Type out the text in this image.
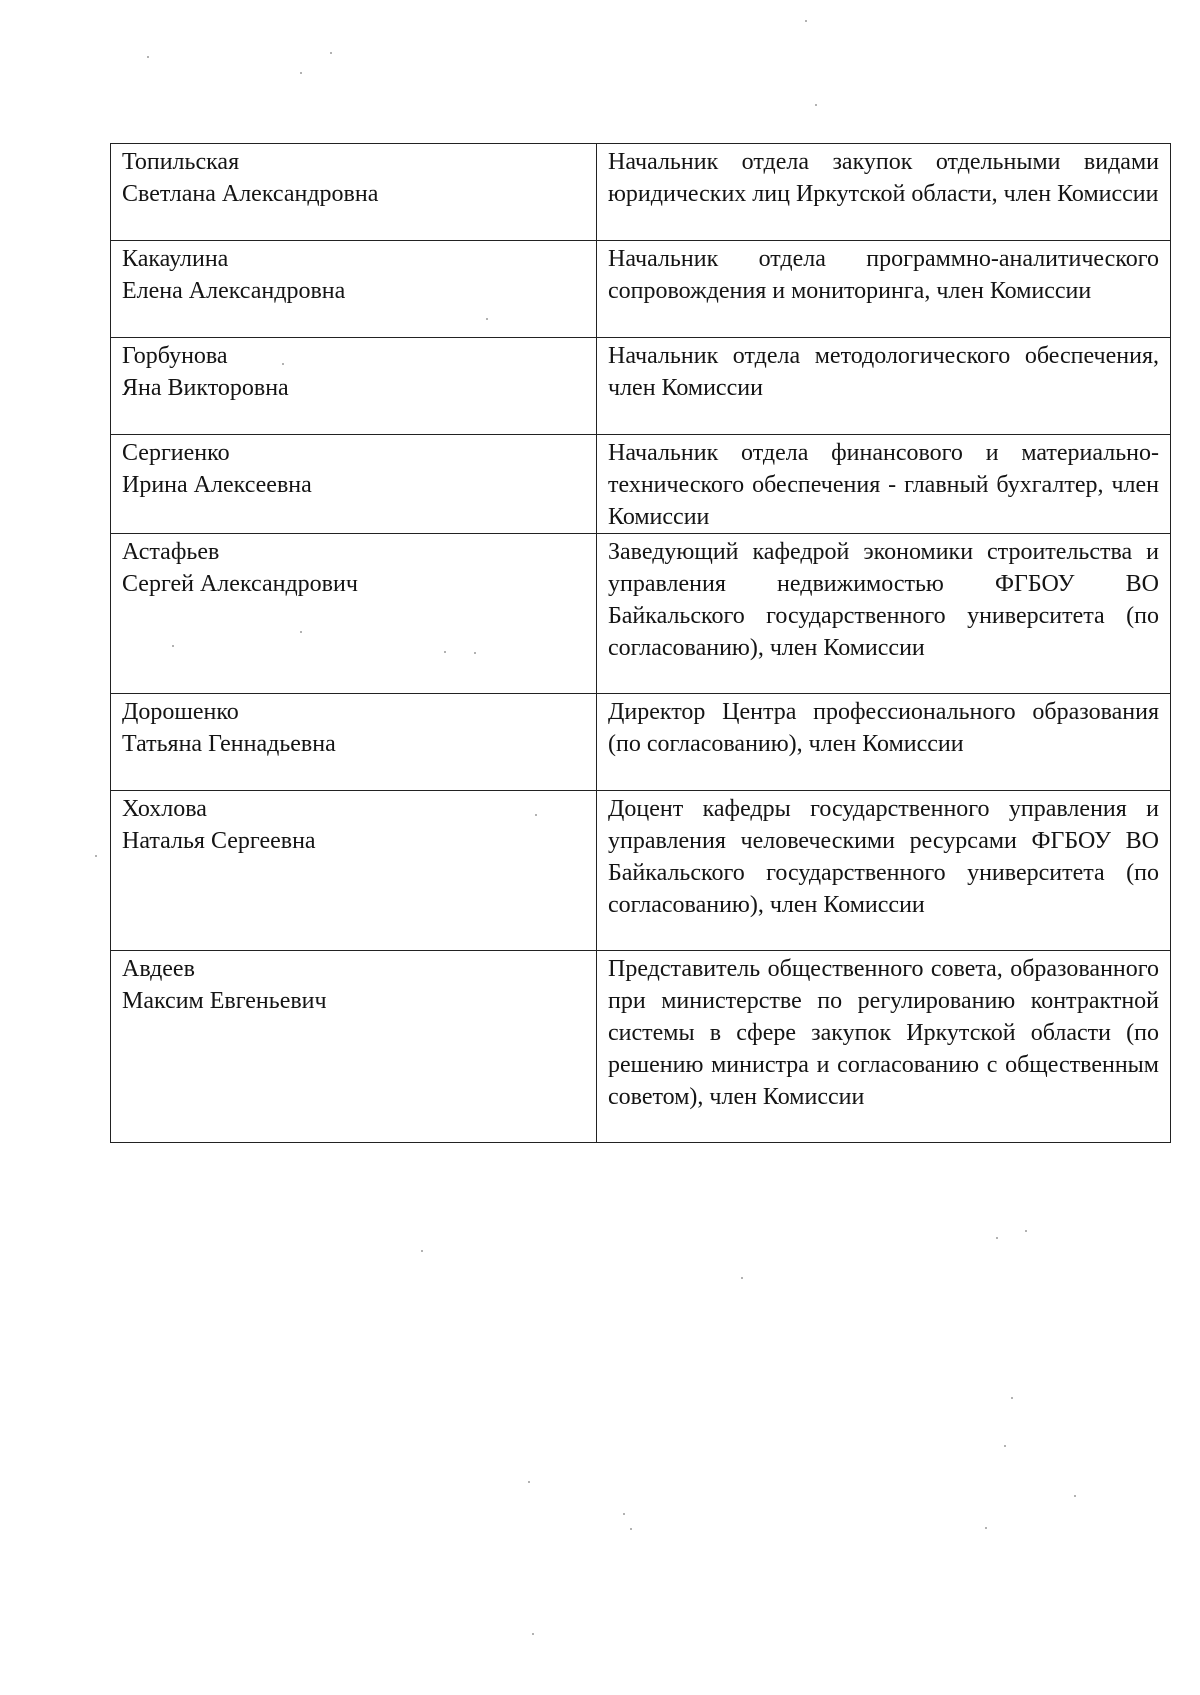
Топильская
Светлана Александровна	Начальник отдела закупок отдельными видами юридических лиц Иркутской области, член Комиссии

Какаулина
Елена Александровна	Начальник отдела программно-аналитического сопровождения и мониторинга, член Комиссии

Горбунова
Яна Викторовна	Начальник отдела методологического обеспечения, член Комиссии

Сергиенко
Ирина Алексеевна	Начальник отдела финансового и материально-технического обеспечения - главный бухгалтер, член Комиссии

Астафьев
Сергей Александрович	Заведующий кафедрой экономики строительства и управления недвижимостью ФГБОУ ВО Байкальского государственного университета (по согласованию), член Комиссии

Дорошенко
Татьяна Геннадьевна	Директор Центра профессионального образования (по согласованию), член Комиссии

Хохлова
Наталья Сергеевна	Доцент кафедры государственного управления и управления человеческими ресурсами ФГБОУ ВО Байкальского государственного университета (по согласованию), член Комиссии

Авдеев
Максим Евгеньевич	Представитель общественного совета, образованного при министерстве по регулированию контрактной системы в сфере закупок Иркутской области (по решению министра и согласованию с общественным советом), член Комиссии
